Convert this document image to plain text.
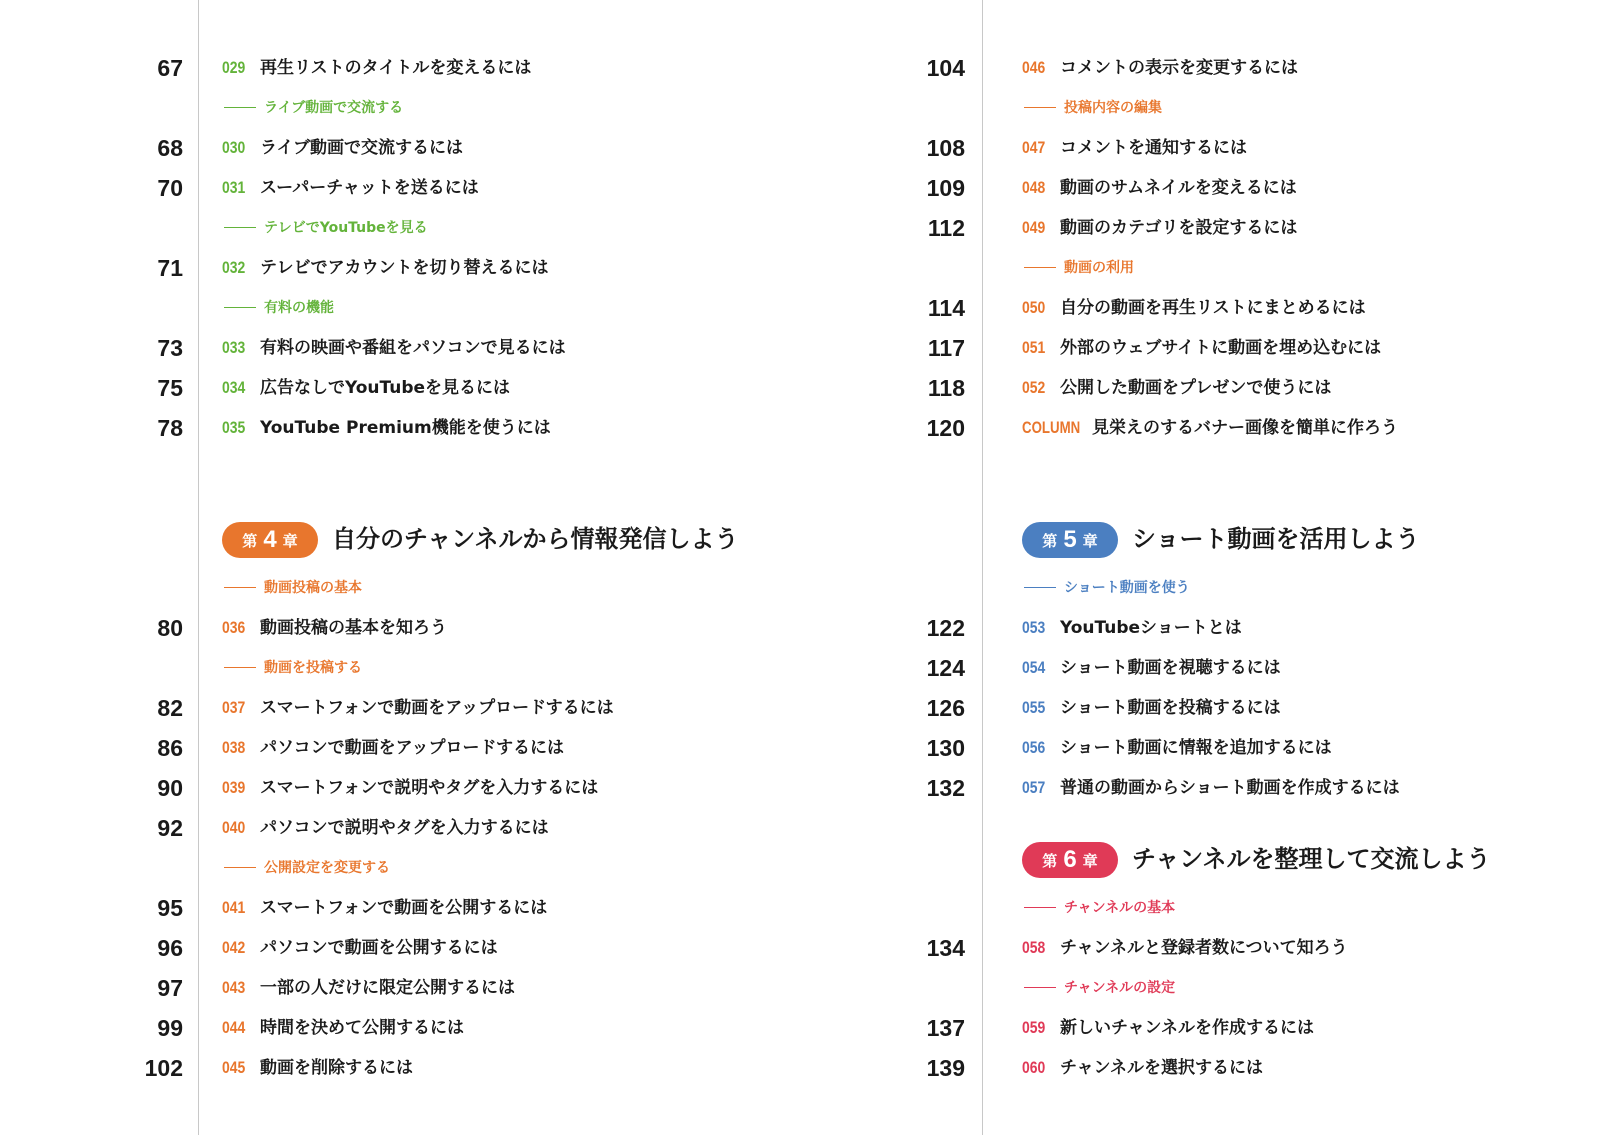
67 029 再生リストのタイトルを変えるには
ライブ動画で交流する
68 030 ライブ動画で交流するには
70 031 スーパーチャットを送るには
テレビでYouTubeを見る
71 032 テレビでアカウントを切り替えるには
有料の機能
73 033 有料の映画や番組をパソコンで見るには
75 034 広告なしでYouTubeを見るには
78 035 YouTube Premium機能を使うには
第 4 章 自分のチャンネルから情報発信しよう
動画投稿の基本
80 036 動画投稿の基本を知ろう
動画を投稿する
82 037 スマートフォンで動画をアップロードするには
86 038 パソコンで動画をアップロードするには
90 039 スマートフォンで説明やタグを入力するには
92 040 パソコンで説明やタグを入力するには
公開設定を変更する
95 041 スマートフォンで動画を公開するには
96 042 パソコンで動画を公開するには
97 043 一部の人だけに限定公開するには
99 044 時間を決めて公開するには
102 045 動画を削除するには
104	046 コメントの表示を変更するには
投稿内容の編集
108	047 コメントを通知するには
109	048 動画のサムネイルを変えるには
112	049 動画のカテゴリを設定するには
動画の利用
114	050 自分の動画を再生リストにまとめるには
117	051 外部のウェブサイトに動画を埋め込むには
118	052 公開した動画をプレゼンで使うには
120	COLUMN 見栄えのするバナー画像を簡単に作ろう
第 5 章 ショート動画を活用しよう
ショート動画を使う
122	053 YouTubeショートとは
124	054 ショート動画を視聴するには
126	055 ショート動画を投稿するには
130	056 ショート動画に情報を追加するには
132	057 普通の動画からショート動画を作成するには
第 6 章 チャンネルを整理して交流しよう
チャンネルの基本
134	058 チャンネルと登録者数について知ろう
チャンネルの設定
137	059 新しいチャンネルを作成するには
139	060 チャンネルを選択するには
